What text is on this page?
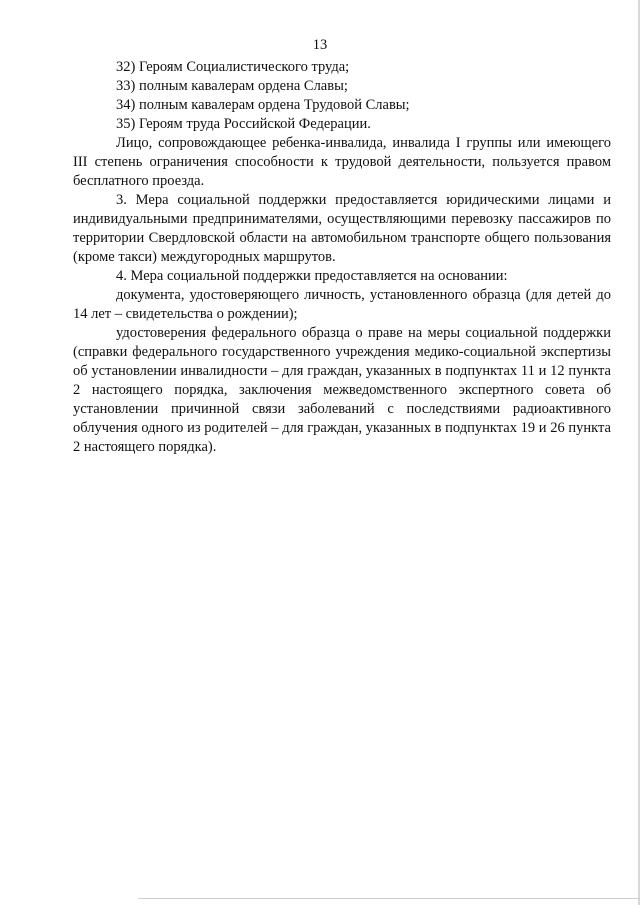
13

32) Героям Социалистического труда;

33) полным кавалерам ордена Славы;

34) полным кавалерам ордена Трудовой Славы;

35) Героям труда Российской Федерации.

Лицо, сопровождающее ребенка-инвалида, инвалида I группы или имеющего III степень ограничения способности к трудовой деятельности, пользуется правом бесплатного проезда.

3. Мера социальной поддержки предоставляется юридическими лицами и индивидуальными предпринимателями, осуществляющими перевозку пассажиров по территории Свердловской области на автомобильном транспорте общего пользования (кроме такси) междугородных маршрутов.

4. Мера социальной поддержки предоставляется на основании:

документа, удостоверяющего личность, установленного образца (для детей до 14 лет – свидетельства о рождении);

удостоверения федерального образца о праве на меры социальной поддержки (справки федерального государственного учреждения медико-социальной экспертизы об установлении инвалидности – для граждан, указанных в подпунктах 11 и 12 пункта 2 настоящего порядка, заключения межведомственного экспертного совета об установлении причинной связи заболеваний с последствиями радиоактивного облучения одного из родителей – для граждан, указанных в подпунктах 19 и 26 пункта 2 настоящего порядка).
